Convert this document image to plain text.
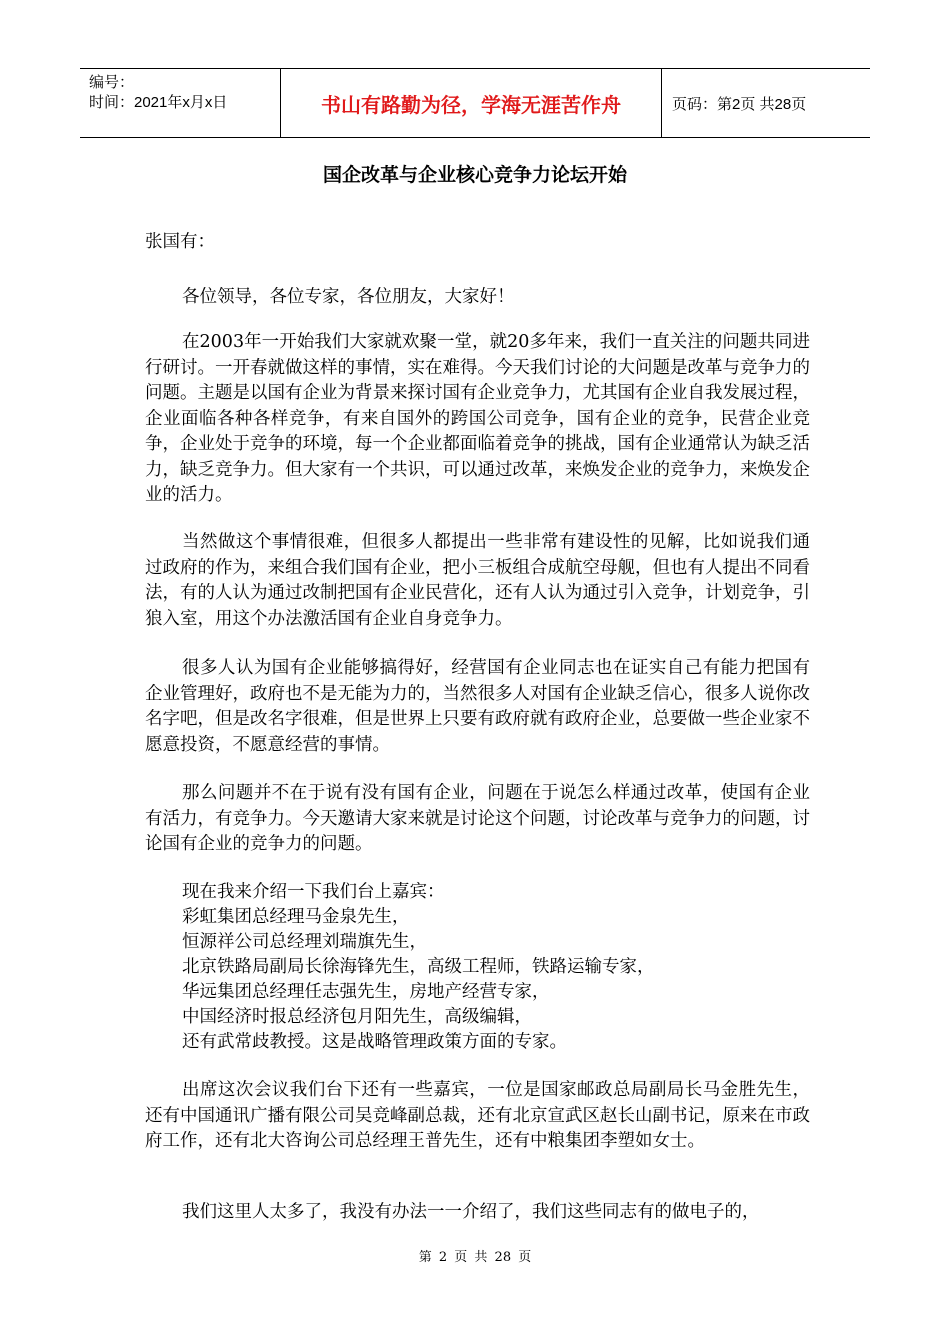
编号：
时间：2021年x月x日	书山有路勤为径，学海无涯苦作舟	页码：第2页 共28页
国企改革与企业核心竞争力论坛开始
张国有：
各位领导，各位专家，各位朋友，大家好！
在2003年一开始我们大家就欢聚一堂，就20多年来，我们一直关注的问题共同进行研讨。一开春就做这样的事情，实在难得。今天我们讨论的大问题是改革与竞争力的问题。主题是以国有企业为背景来探讨国有企业竞争力，尤其国有企业自我发展过程，企业面临各种各样竞争，有来自国外的跨国公司竞争，国有企业的竞争，民营企业竞争，企业处于竞争的环境，每一个企业都面临着竞争的挑战，国有企业通常认为缺乏活力，缺乏竞争力。但大家有一个共识，可以通过改革，来焕发企业的竞争力，来焕发企业的活力。
当然做这个事情很难，但很多人都提出一些非常有建设性的见解，比如说我们通过政府的作为，来组合我们国有企业，把小三板组合成航空母舰，但也有人提出不同看法，有的人认为通过改制把国有企业民营化，还有人认为通过引入竞争，计划竞争，引狼入室，用这个办法激活国有企业自身竞争力。
很多人认为国有企业能够搞得好，经营国有企业同志也在证实自己有能力把国有企业管理好，政府也不是无能为力的，当然很多人对国有企业缺乏信心，很多人说你改名字吧，但是改名字很难，但是世界上只要有政府就有政府企业，总要做一些企业家不愿意投资，不愿意经营的事情。
那么问题并不在于说有没有国有企业，问题在于说怎么样通过改革，使国有企业有活力，有竞争力。今天邀请大家来就是讨论这个问题，讨论改革与竞争力的问题，讨论国有企业的竞争力的问题。
现在我来介绍一下我们台上嘉宾：
彩虹集团总经理马金泉先生，
恒源祥公司总经理刘瑞旗先生，
北京铁路局副局长徐海锋先生，高级工程师，铁路运输专家，
华远集团总经理任志强先生，房地产经营专家，
中国经济时报总经济包月阳先生，高级编辑，
还有武常歧教授。这是战略管理政策方面的专家。
出席这次会议我们台下还有一些嘉宾，一位是国家邮政总局副局长马金胜先生，还有中国通讯广播有限公司吴竞峰副总裁，还有北京宣武区赵长山副书记，原来在市政府工作，还有北大咨询公司总经理王普先生，还有中粮集团李塑如女士。
我们这里人太多了，我没有办法一一介绍了，我们这些同志有的做电子的，
第 2 页 共 28 页
